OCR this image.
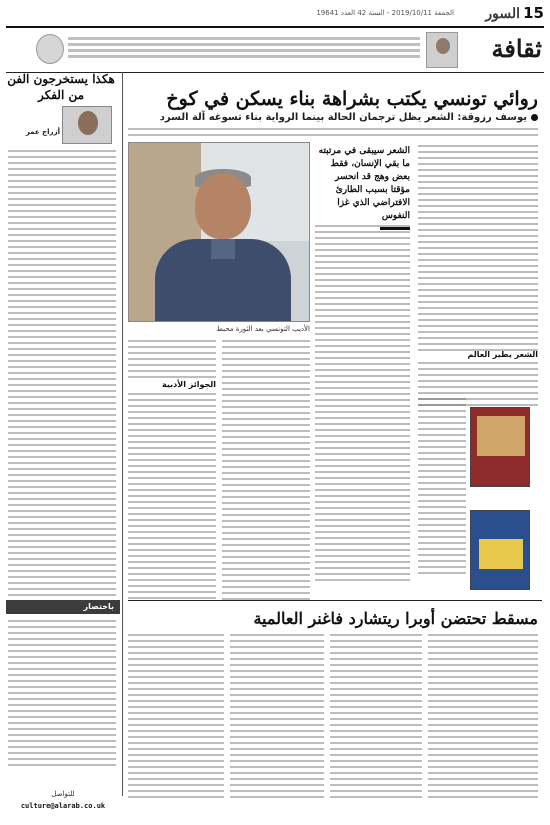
15
السور
الجمعة 2019/10/11 - السنة 42 العدد 19641
ثقافة
هكذا يستخرجون الفن من الفكر
أزراج عمر
روائي تونسي يكتب بشراهة بناء يسكن في كوخ
يوسف رزوقة: الشعر يظل ترجمان الحالة بينما الرواية بناء تسوغه آلة السرد
الأديب التونسي بعد الثورة محبط
الشعر سيبقى في مرتبته ما بقي الإنسان، فقط بعض وهج قد انحسر مؤقتا بسبب الطارئ الافتراضي الذي غزا النفوس
الشعر يطير العالم
الجوائز الأدبية
باختصار
للتواصل
culture@alarab.co.uk
مسقط تحتضن أوبرا ريتشارد فاغنر العالمية
